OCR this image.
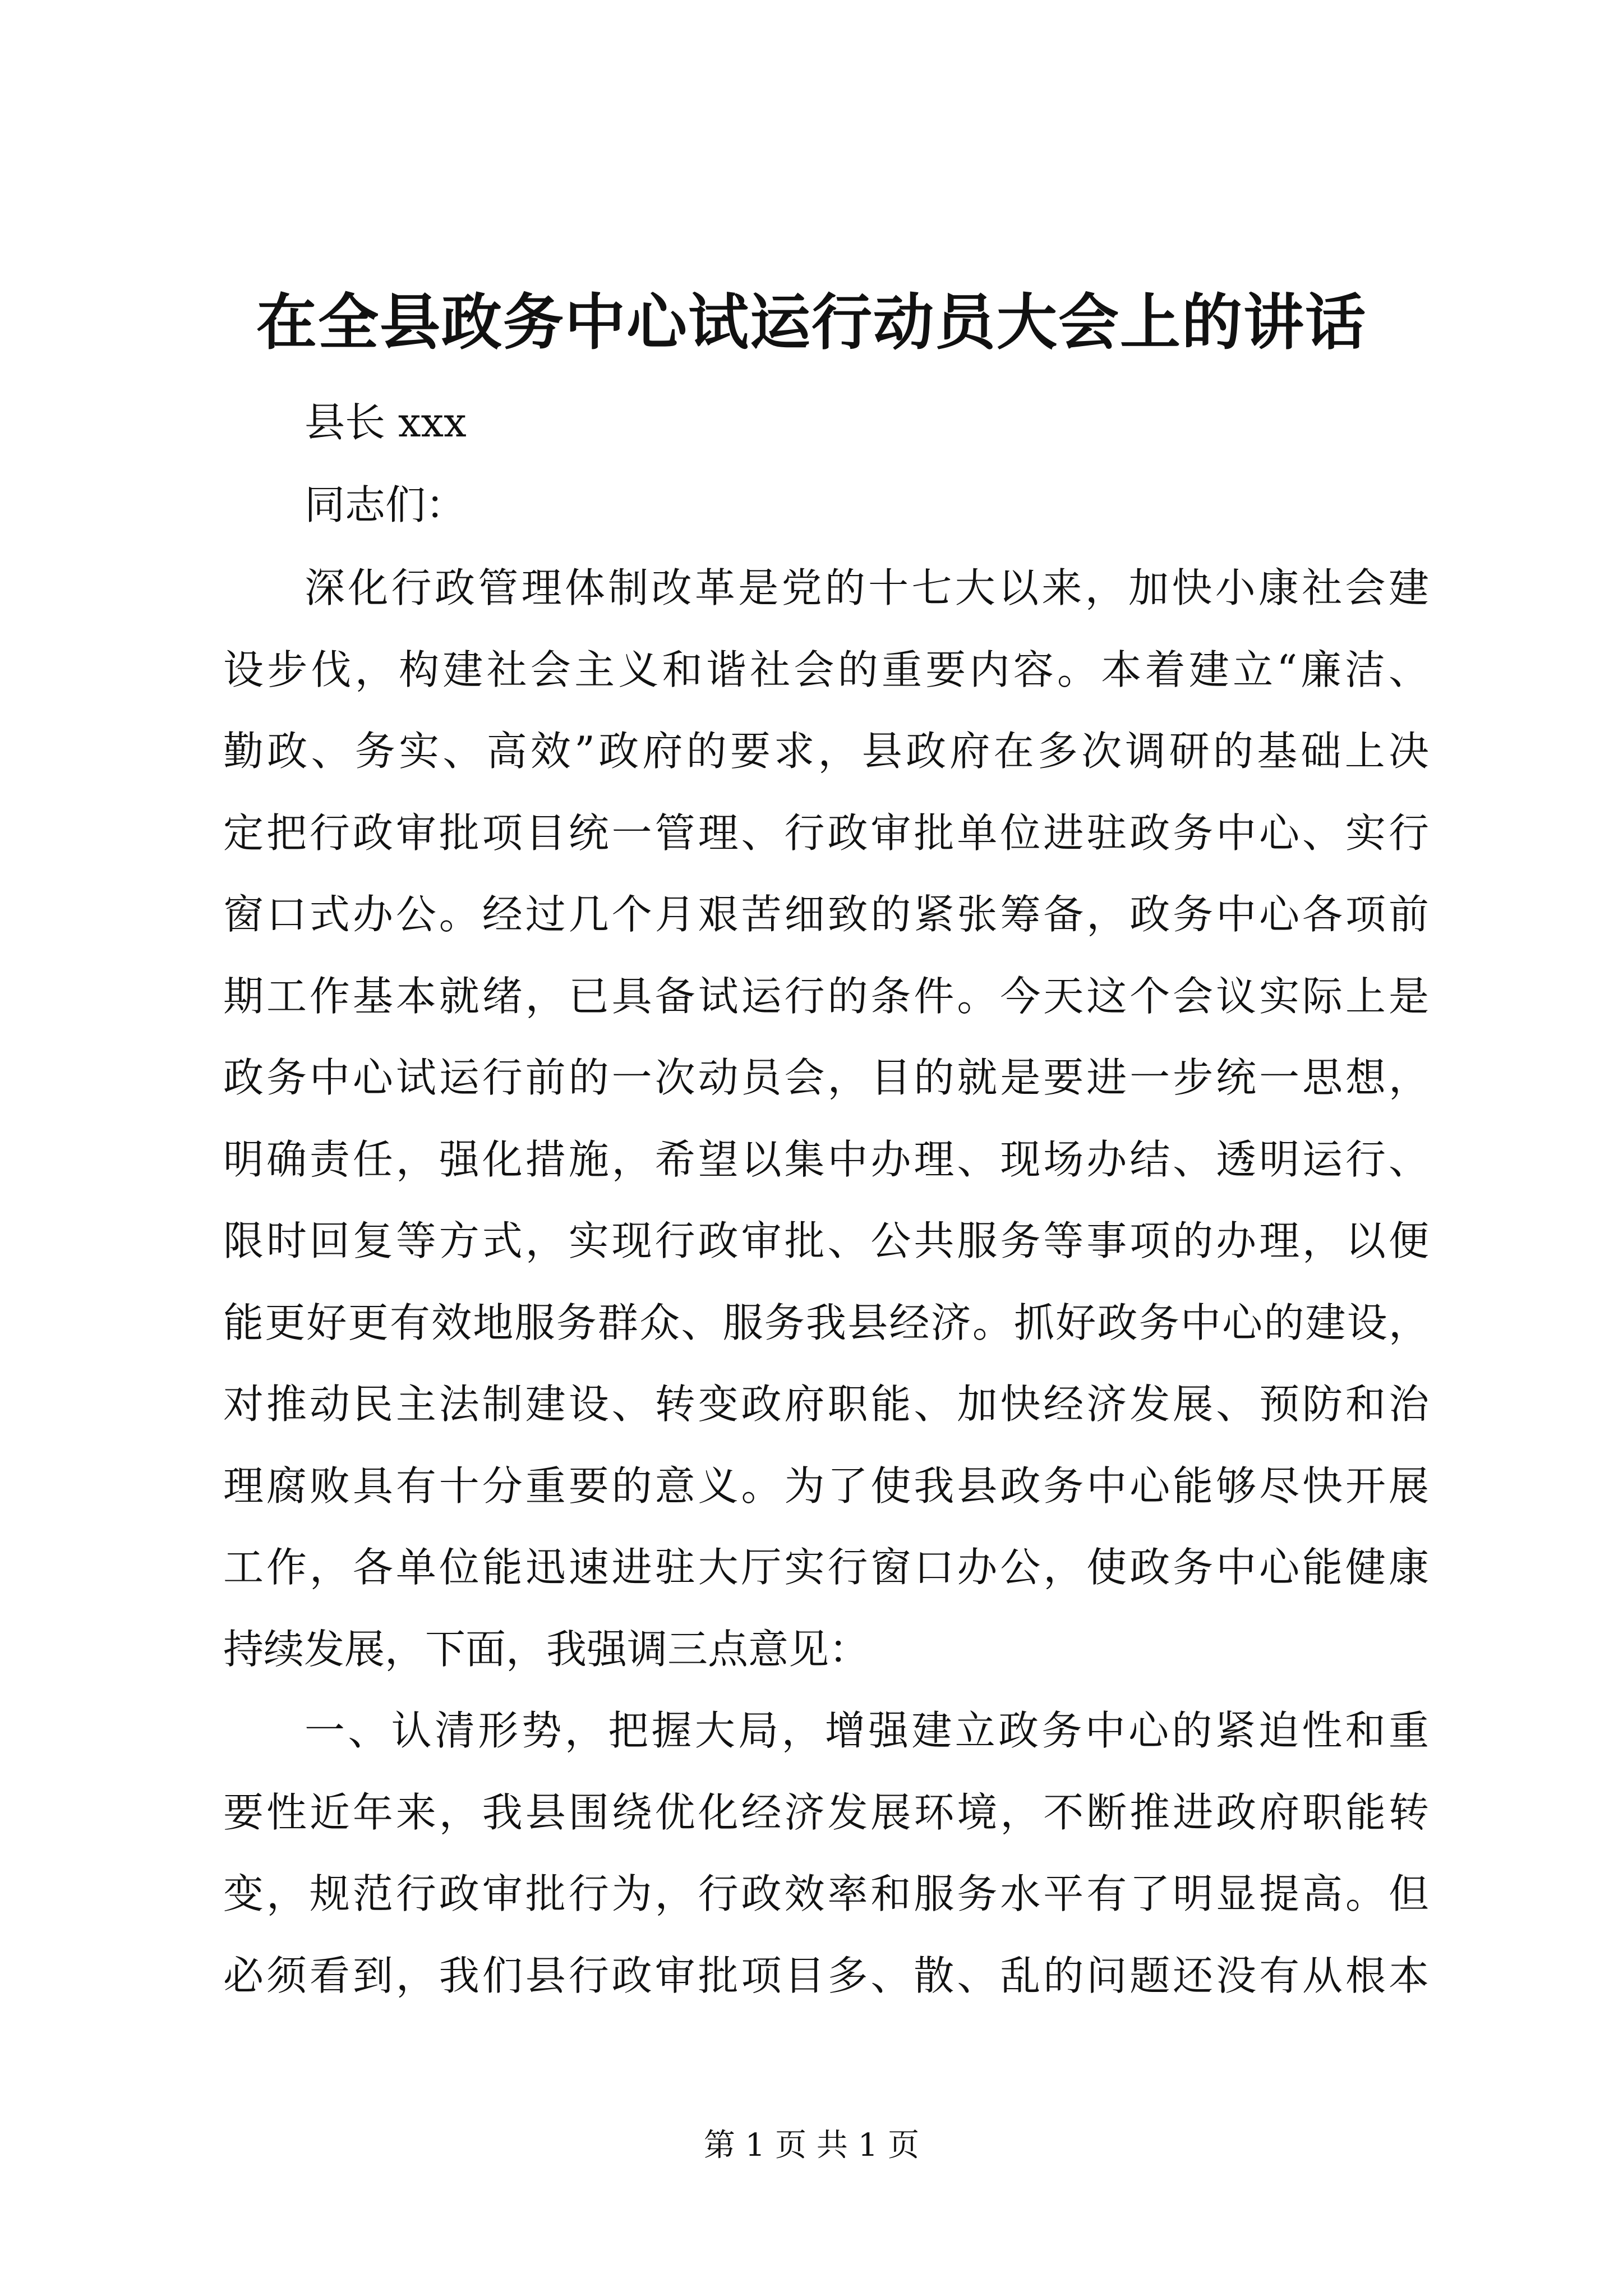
在全县政务中心试运行动员大会上的讲话
县长 xxx
同志们：
深化行政管理体制改革是党的十七大以来，加快小康社会建
设步伐，构建社会主义和谐社会的重要内容。本着建立“廉洁、
勤政、务实、高效”政府的要求，县政府在多次调研的基础上决
定把行政审批项目统一管理、行政审批单位进驻政务中心、实行
窗口式办公。经过几个月艰苦细致的紧张筹备，政务中心各项前
期工作基本就绪，已具备试运行的条件。今天这个会议实际上是
政务中心试运行前的一次动员会，目的就是要进一步统一思想，
明确责任，强化措施，希望以集中办理、现场办结、透明运行、
限时回复等方式，实现行政审批、公共服务等事项的办理，以便
能更好更有效地服务群众、服务我县经济。抓好政务中心的建设，
对推动民主法制建设、转变政府职能、加快经济发展、预防和治
理腐败具有十分重要的意义。为了使我县政务中心能够尽快开展
工作，各单位能迅速进驻大厅实行窗口办公，使政务中心能健康
持续发展，下面，我强调三点意见：
一、认清形势，把握大局，增强建立政务中心的紧迫性和重
要性近年来，我县围绕优化经济发展环境，不断推进政府职能转
变，规范行政审批行为，行政效率和服务水平有了明显提高。但
必须看到，我们县行政审批项目多、散、乱的问题还没有从根本
第 1 页 共 1 页
